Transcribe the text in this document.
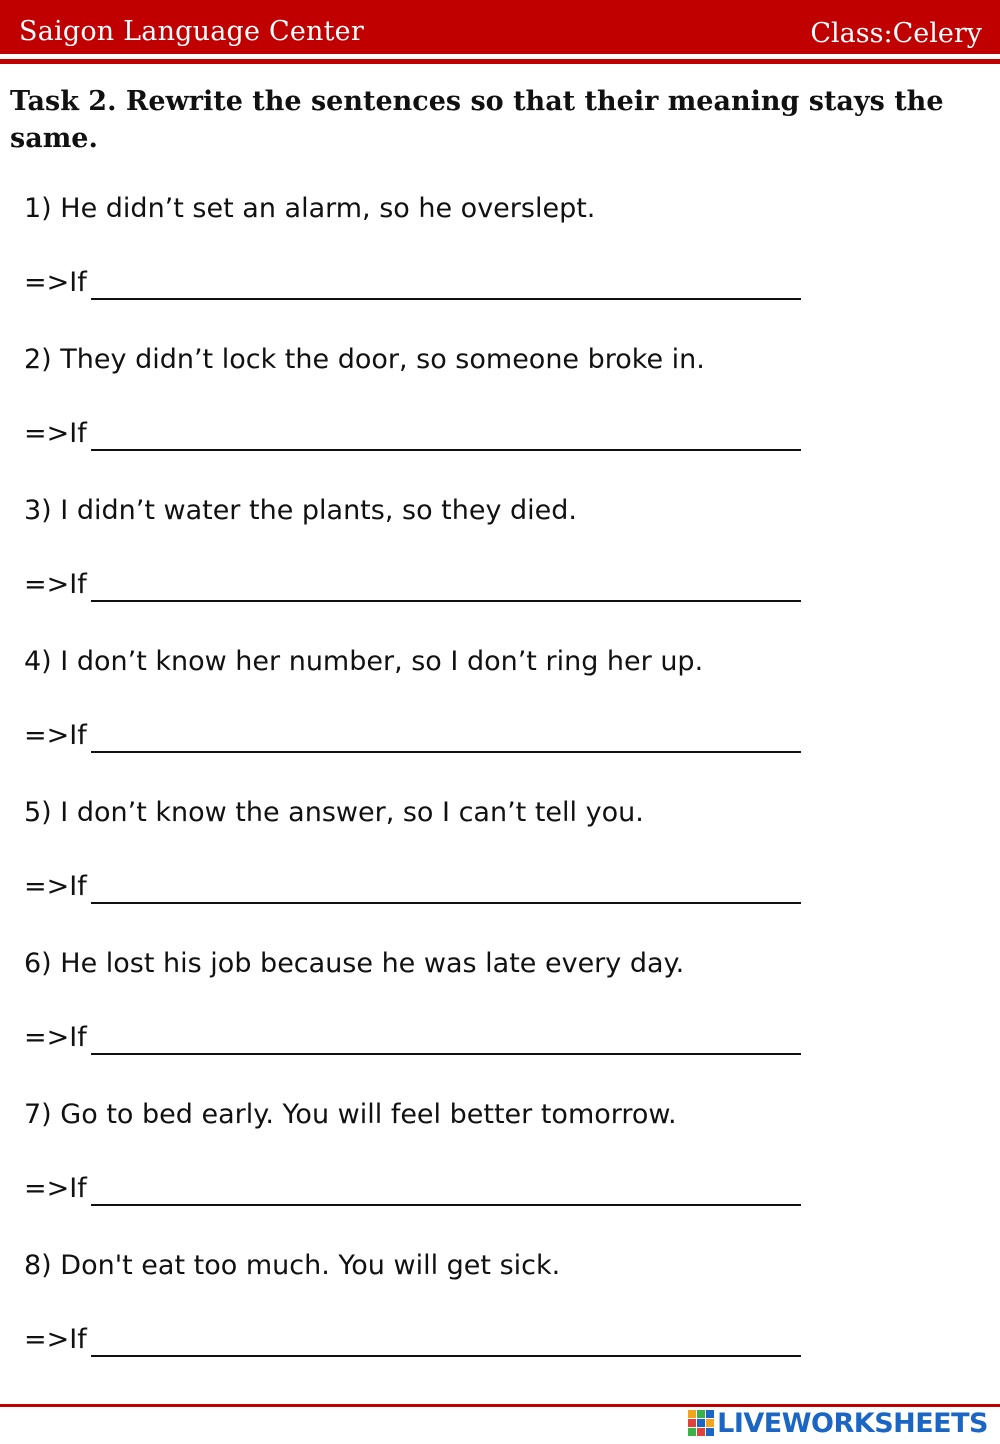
Saigon Language Center	Class:Celery
Task 2. Rewrite the sentences so that their meaning stays the same.
1) He didn’t set an alarm, so he overslept.
=>If
2) They didn’t lock the door, so someone broke in.
=>If
3) I didn’t water the plants, so they died.
=>If
4) I don’t know her number, so I don’t ring her up.
=>If
5) I don’t know the answer, so I can’t tell you.
=>If
6) He lost his job because he was late every day.
=>If
7) Go to bed early. You will feel better tomorrow.
=>If
8) Don't eat too much. You will get sick.
=>If
LIVEWORKSHEETS
